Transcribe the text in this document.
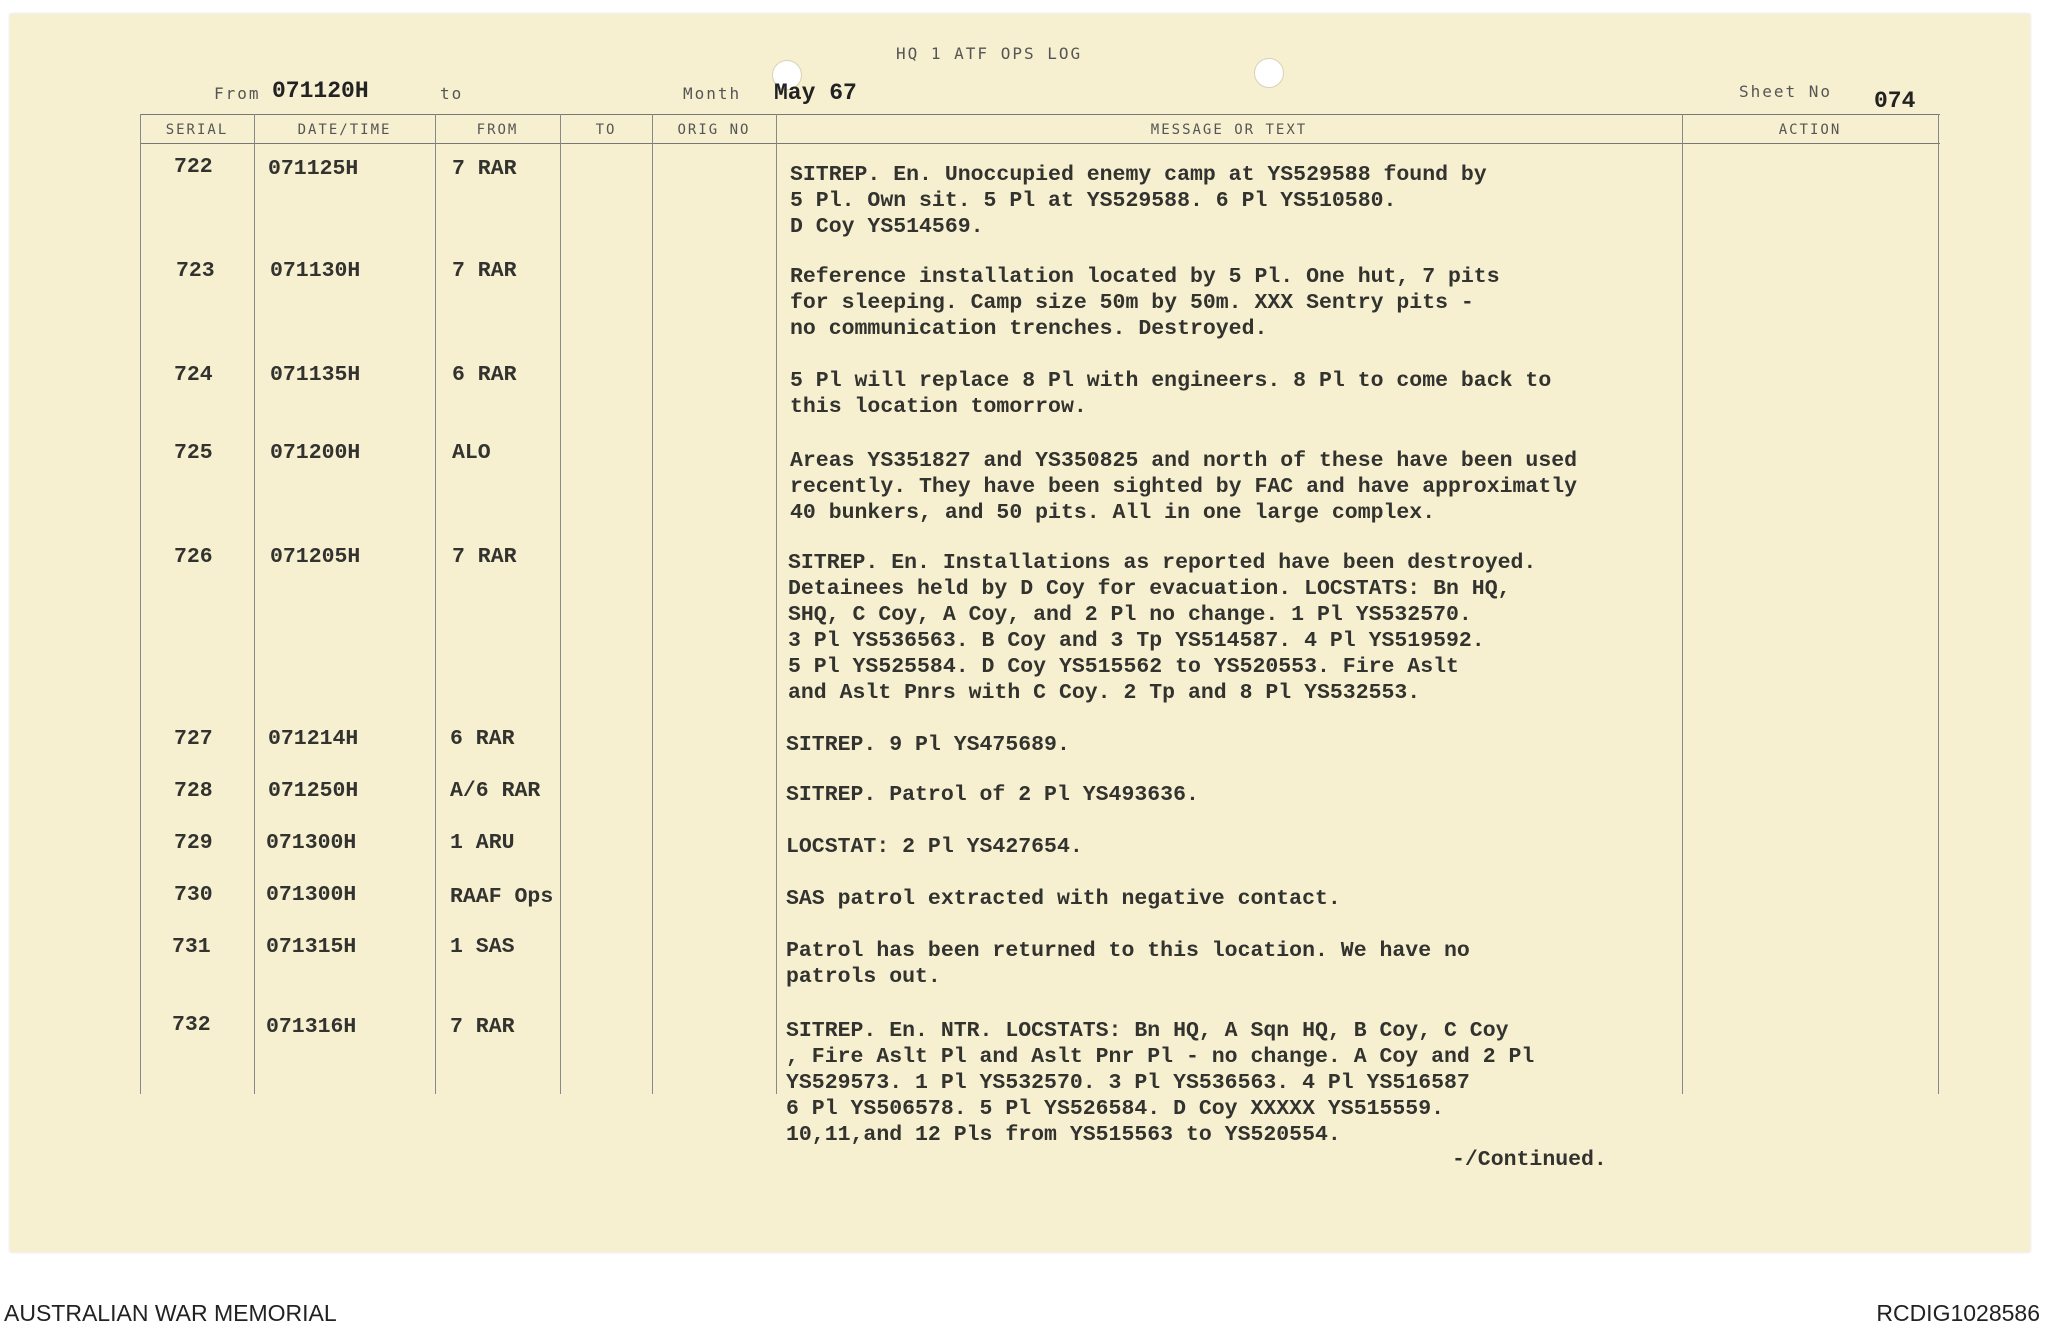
HQ 1 ATF OPS LOG
From 071120H	to	Month May 67	Sheet No 074
SERIAL	DATE/TIME	FROM	TO	ORIG NO	MESSAGE OR TEXT	ACTION
722	071125H	7 RAR	SITREP. En. Unoccupied enemy camp at YS529588 found by
5 Pl. Own sit. 5 Pl at YS529588. 6 Pl YS510580.
D Coy YS514569.
723	071130H	7 RAR	Reference installation located by 5 Pl. One hut, 7 pits
for sleeping. Camp size 50m by 50m. XXX Sentry pits -
no communication trenches. Destroyed.
724	071135H	6 RAR	5 Pl will replace 8 Pl with engineers. 8 Pl to come back to
this location tomorrow.
725	071200H	ALO	Areas YS351827 and YS350825 and north of these have been used
recently. They have been sighted by FAC and have approximatly
40 bunkers, and 50 pits. All in one large complex.
726	071205H	7 RAR	SITREP. En. Installations as reported have been destroyed.
Detainees held by D Coy for evacuation. LOCSTATS: Bn HQ,
SHQ, C Coy, A Coy, and 2 Pl no change. 1 Pl YS532570.
3 Pl YS536563. B Coy and 3 Tp YS514587. 4 Pl YS519592.
5 Pl YS525584. D Coy YS515562 to YS520553. Fire Aslt
and Aslt Pnrs with C Coy. 2 Tp and 8 Pl YS532553.
727	071214H	6 RAR	SITREP. 9 Pl YS475689.
728	071250H	A/6 RAR	SITREP. Patrol of 2 Pl YS493636.
729 071300H	1 ARU	LOCSTAT: 2 Pl YS427654.
730 071300H	RAAF Ops	SAS patrol extracted with negative contact.
731	071315H	1 SAS	Patrol has been returned to this location. We have no
patrols out.
732	071316H	7 RAR	SITREP. En. NTR. LOCSTATS: Bn HQ, A Sqn HQ, B Coy, C Coy
, Fire Aslt Pl and Aslt Pnr Pl - no change. A Coy and 2 Pl
YS529573. 1 Pl YS532570. 3 Pl YS536563. 4 Pl YS516587
6 Pl YS506578. 5 Pl YS526584. D Coy XXXXX YS515559.
10,11,and 12 Pls from YS515563 to YS520554.
-/Continued.
AUSTRALIAN WAR MEMORIAL	RCDIG1028586
